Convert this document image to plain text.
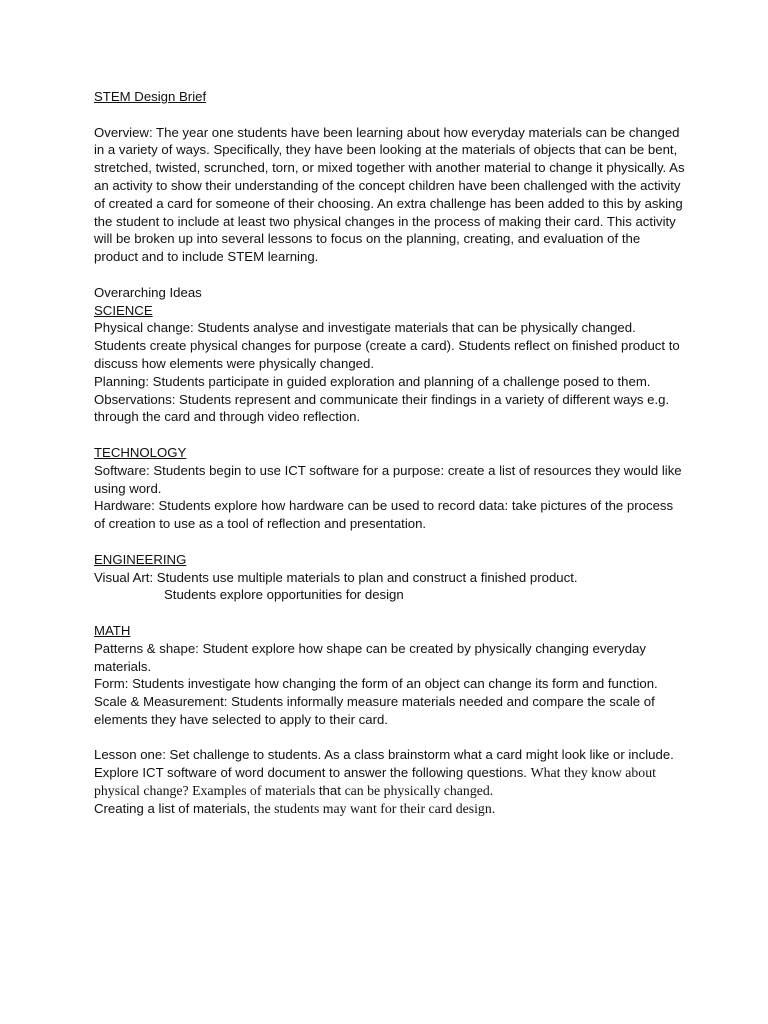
STEM Design Brief

Overview: The year one students have been learning about how everyday materials can be changed in a variety of ways. Specifically, they have been looking at the materials of objects that can be bent, stretched, twisted, scrunched, torn, or mixed together with another material to change it physically. As an activity to show their understanding of the concept children have been challenged with the activity of created a card for someone of their choosing. An extra challenge has been added to this by asking the student to include at least two physical changes in the process of making their card. This activity will be broken up into several lessons to focus on the planning, creating, and evaluation of the product and to include STEM learning.

Overarching Ideas

SCIENCE

Physical change: Students analyse and investigate materials that can be physically changed. Students create physical changes for purpose (create a card). Students reflect on finished product to discuss how elements were physically changed.

Planning: Students participate in guided exploration and planning of a challenge posed to them.

Observations: Students represent and communicate their findings in a variety of different ways e.g. through the card and through video reflection.

TECHNOLOGY

Software: Students begin to use ICT software for a purpose: create a list of resources they would like using word.

Hardware: Students explore how hardware can be used to record data: take pictures of the process of creation to use as a tool of reflection and presentation.

ENGINEERING

Visual Art: Students use multiple materials to plan and construct a finished product.

Students explore opportunities for design

MATH

Patterns & shape: Student explore how shape can be created by physically changing everyday materials.

Form: Students investigate how changing the form of an object can change its form and function.

Scale & Measurement: Students informally measure materials needed and compare the scale of elements they have selected to apply to their card.

Lesson one: Set challenge to students. As a class brainstorm what a card might look like or include. Explore ICT software of word document to answer the following questions. What they know about physical change? Examples of materials that can be physically changed.
Creating a list of materials, the students may want for their card design.
